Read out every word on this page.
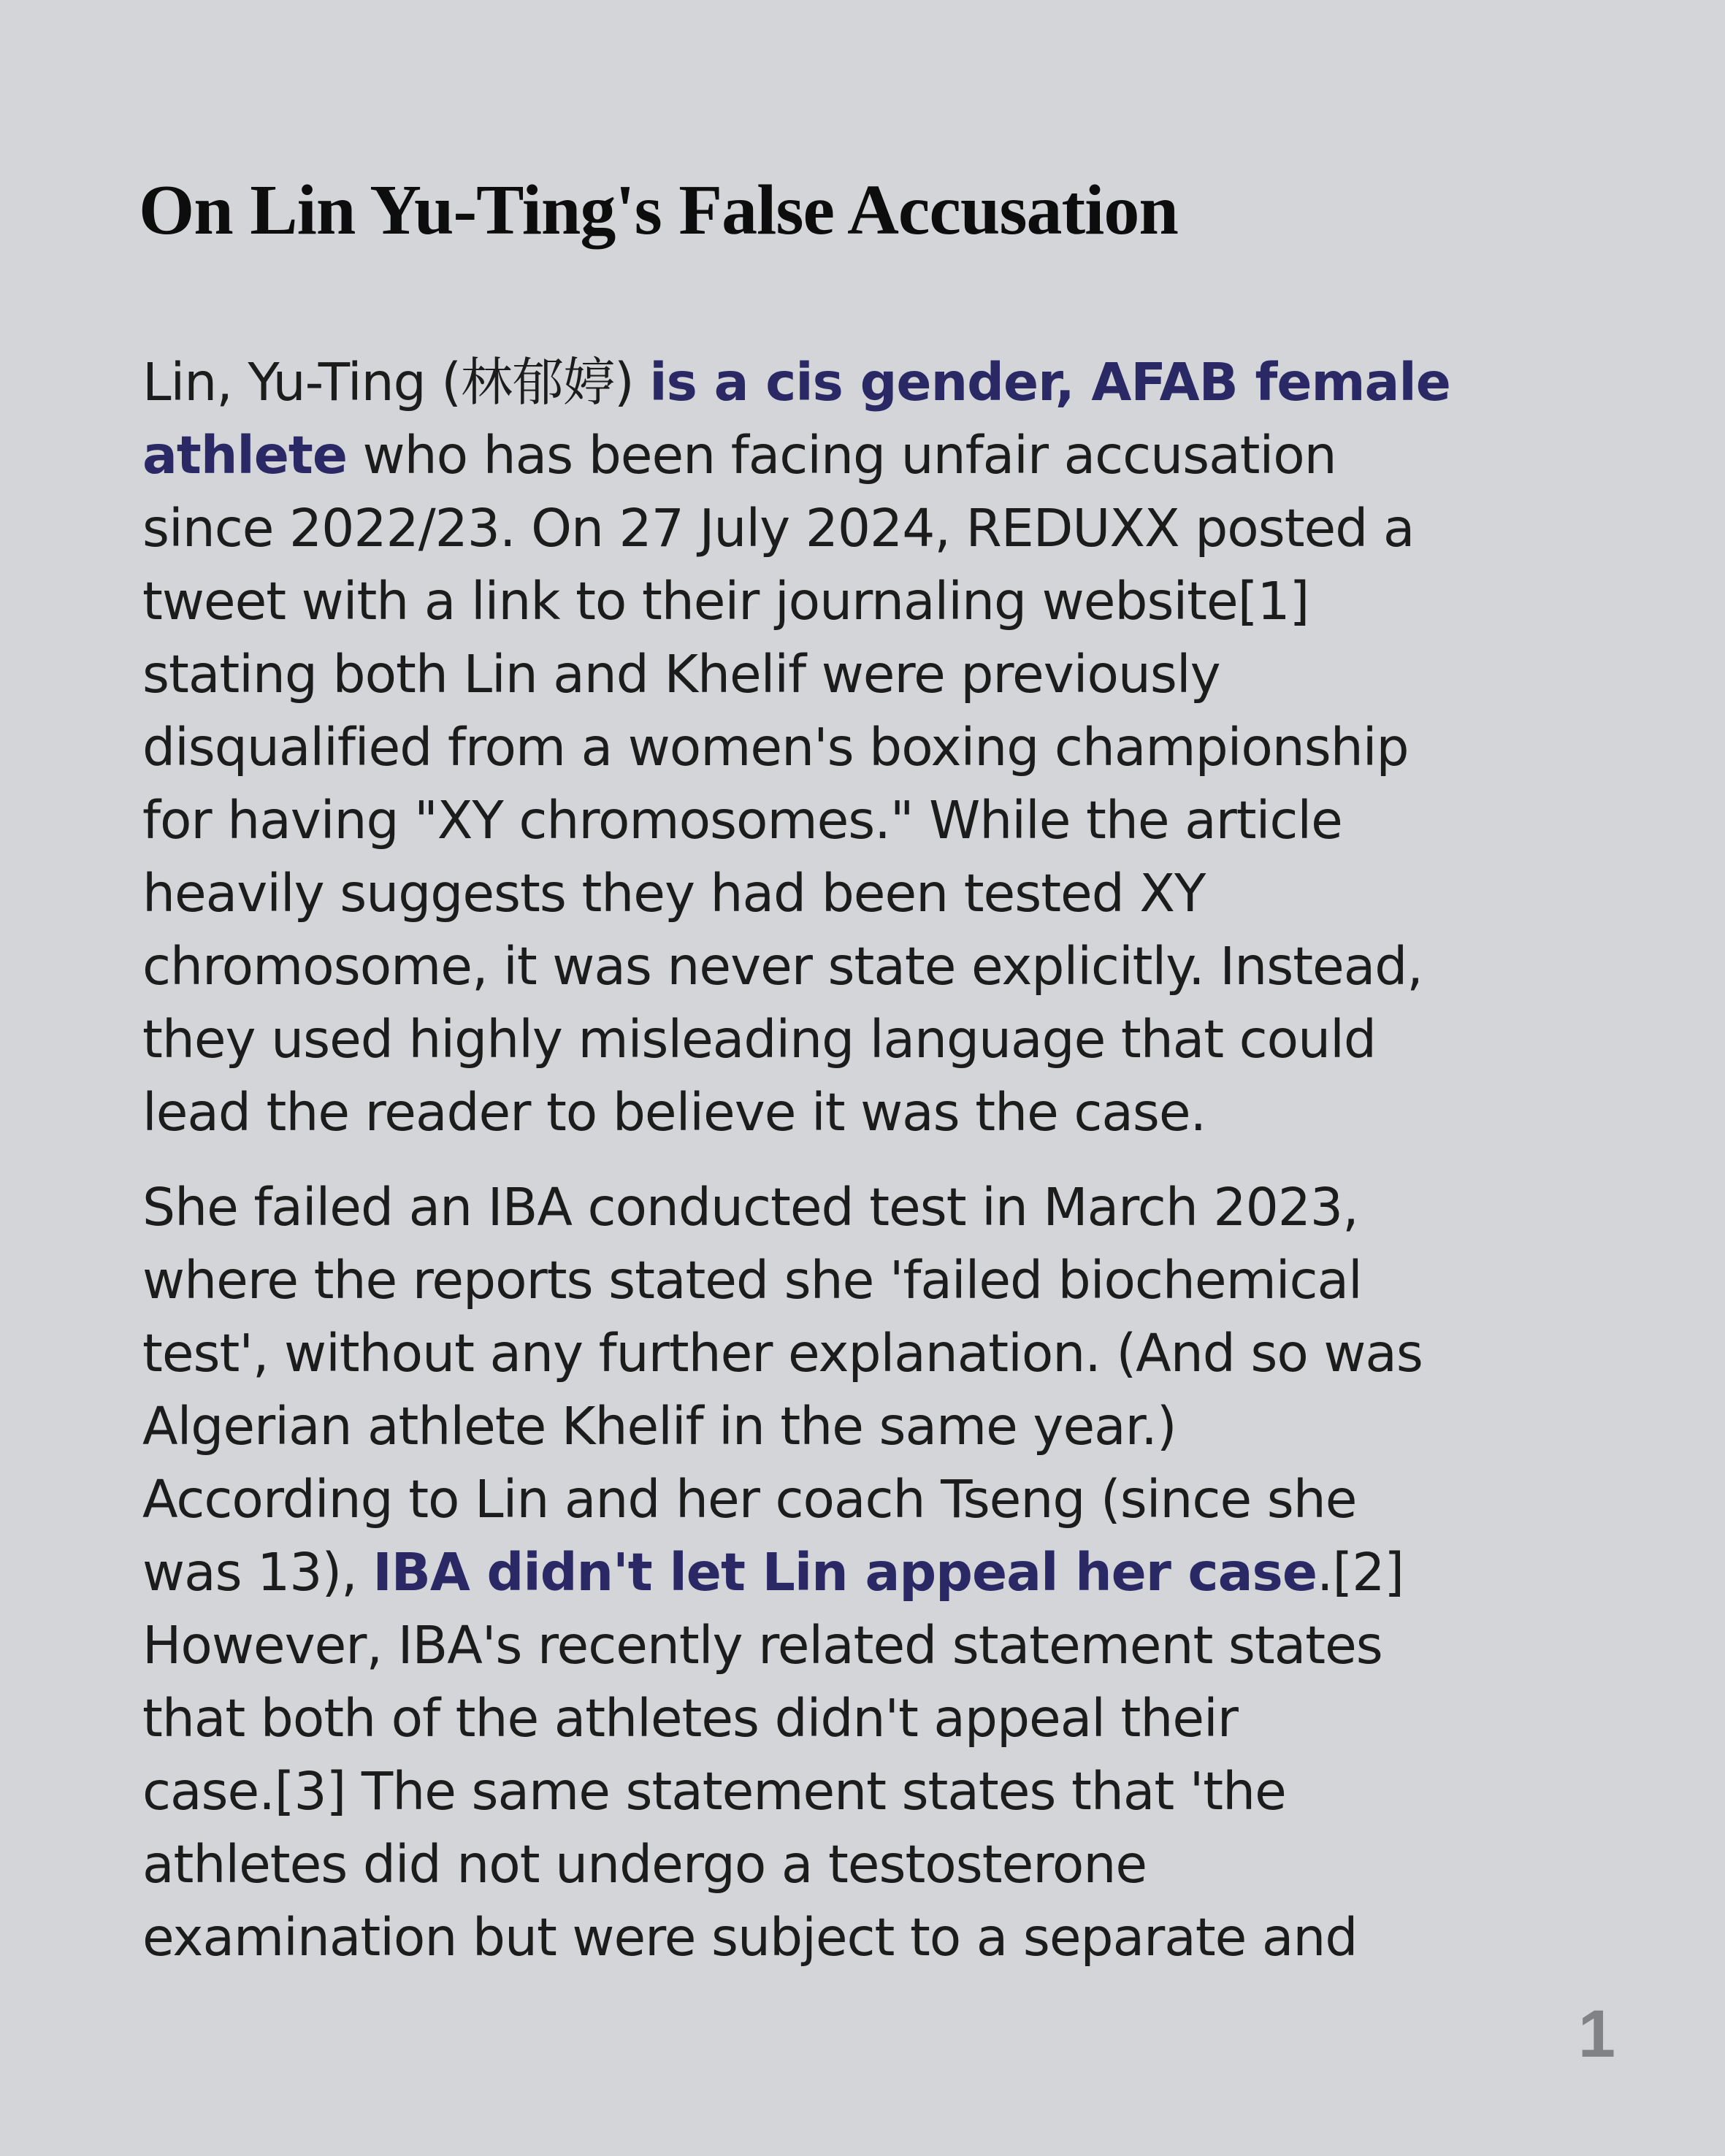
On Lin Yu-Ting's False Accusation

Lin, Yu-Ting (林郁婷) is a cis gender, AFAB female
athlete who has been facing unfair accusation
since 2022/23. On 27 July 2024, REDUXX posted a
tweet with a link to their journaling website[1]
stating both Lin and Khelif were previously
disqualified from a women's boxing championship
for having "XY chromosomes." While the article
heavily suggests they had been tested XY
chromosome, it was never state explicitly. Instead,
they used highly misleading language that could
lead the reader to believe it was the case.

She failed an IBA conducted test in March 2023,
where the reports stated she 'failed biochemical
test', without any further explanation. (And so was
Algerian athlete Khelif in the same year.)
According to Lin and her coach Tseng (since she
was 13), IBA didn't let Lin appeal her case.[2]
However, IBA's recently related statement states
that both of the athletes didn't appeal their
case.[3] The same statement states that 'the
athletes did not undergo a testosterone
examination but were subject to a separate and

1
